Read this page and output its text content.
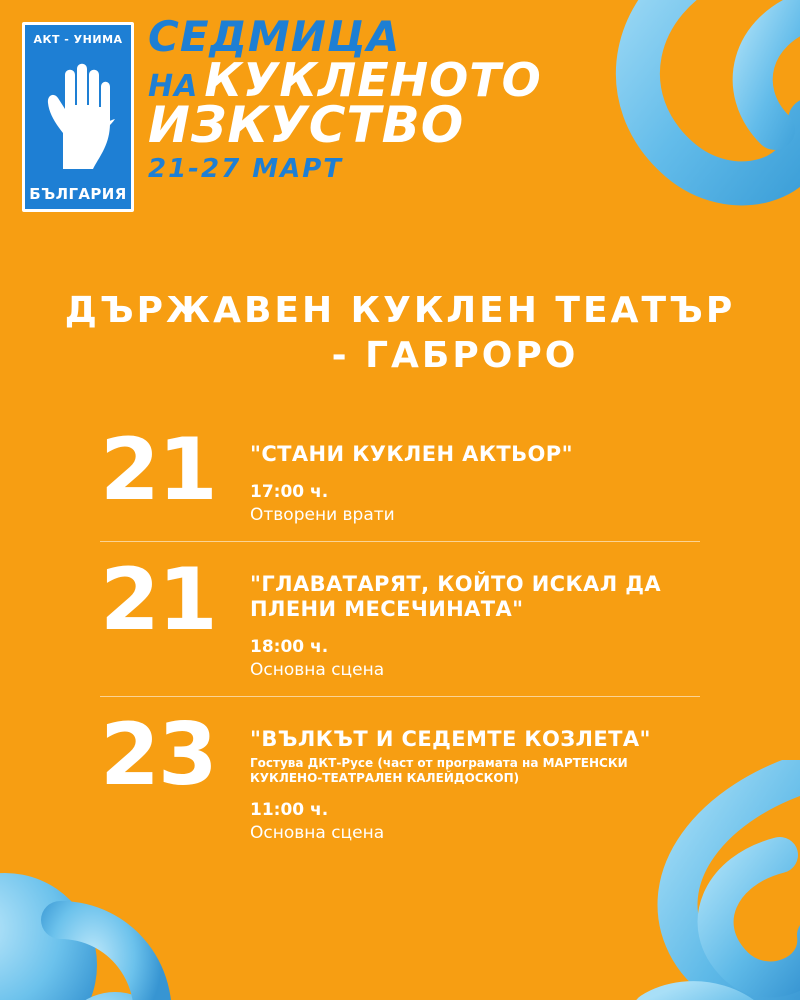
АКТ - УНИМА
БЪЛГАРИЯ
СЕДМИЦА
НА КУКЛЕНОТО
ИЗКУСТВО
21-27 МАРТ
ДЪРЖАВЕН КУКЛЕН ТЕАТЪР
- ГАБРОРО
21	"СТАНИ КУКЛЕН АКТЬОР"
17:00 ч.
Отворени врати
21	"ГЛАВАТАРЯТ, КОЙТО ИСКАЛ ДА ПЛЕНИ МЕСЕЧИНАТА"
18:00 ч.
Основна сцена
23	"ВЪЛКЪТ И СЕДЕМТЕ КОЗЛЕТА"
Гостува ДКТ-Русе (част от програмата на МАРТЕНСКИ КУКЛЕНО-ТЕАТРАЛЕН КАЛЕЙДОСКОП)
11:00 ч.
Основна сцена
